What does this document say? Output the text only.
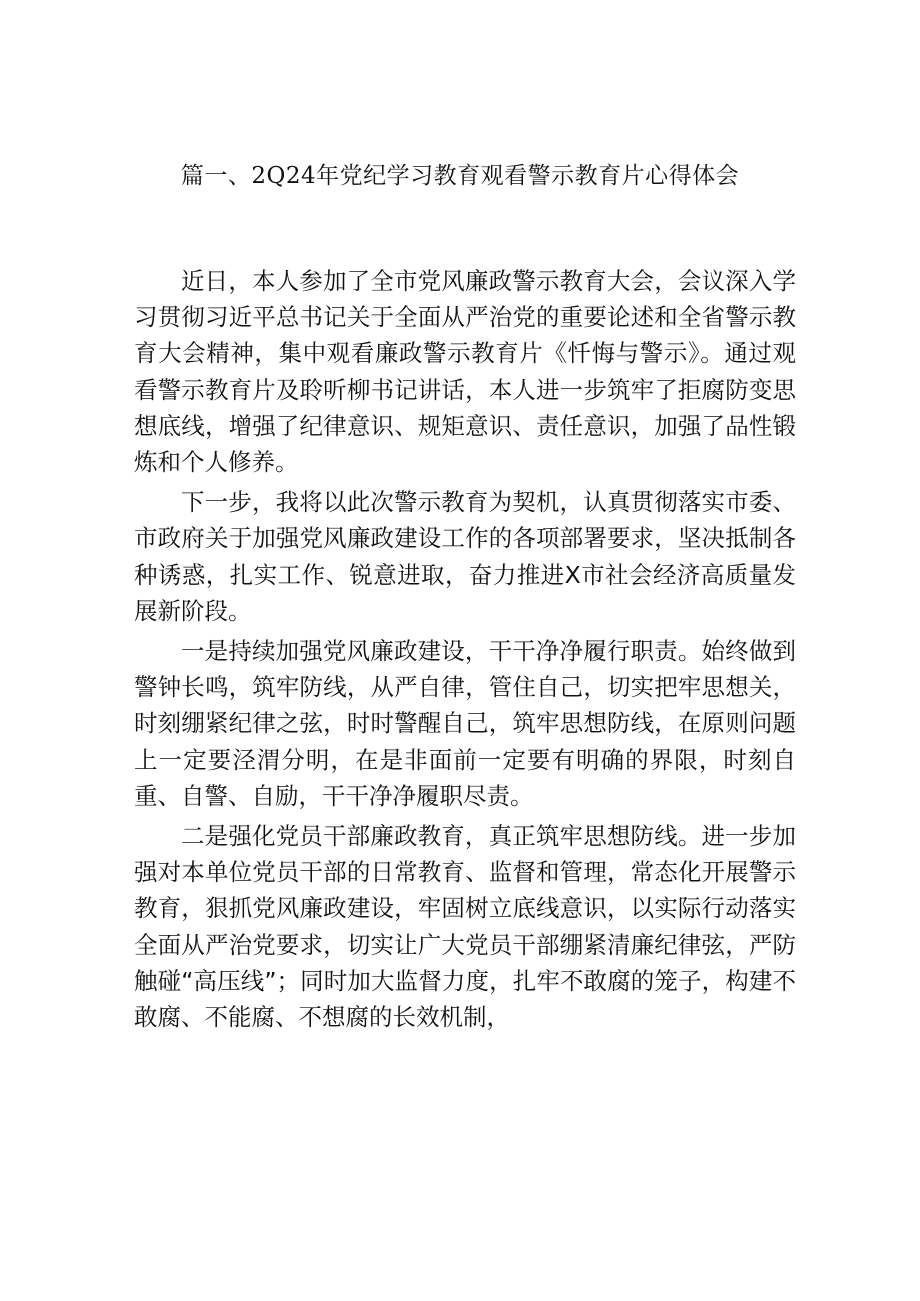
篇一、2Q24年党纪学习教育观看警示教育片心得体会

近日，本人参加了全市党风廉政警示教育大会，会议深入学习贯彻习近平总书记关于全面从严治党的重要论述和全省警示教育大会精神，集中观看廉政警示教育片《忏悔与警示》。通过观看警示教育片及聆听柳书记讲话，本人进一步筑牢了拒腐防变思想底线，增强了纪律意识、规矩意识、责任意识，加强了品性锻炼和个人修养。

下一步，我将以此次警示教育为契机，认真贯彻落实市委、市政府关于加强党风廉政建设工作的各项部署要求，坚决抵制各种诱惑，扎实工作、锐意进取，奋力推进X市社会经济高质量发展新阶段。

一是持续加强党风廉政建设，干干净净履行职责。始终做到警钟长鸣，筑牢防线，从严自律，管住自己，切实把牢思想关，时刻绷紧纪律之弦，时时警醒自己，筑牢思想防线，在原则问题上一定要泾渭分明，在是非面前一定要有明确的界限，时刻自重、自警、自励，干干净净履职尽责。

二是强化党员干部廉政教育，真正筑牢思想防线。进一步加强对本单位党员干部的日常教育、监督和管理，常态化开展警示教育，狠抓党风廉政建设，牢固树立底线意识，以实际行动落实全面从严治党要求，切实让广大党员干部绷紧清廉纪律弦，严防触碰“高压线”；同时加大监督力度，扎牢不敢腐的笼子，构建不敢腐、不能腐、不想腐的长效机制，
